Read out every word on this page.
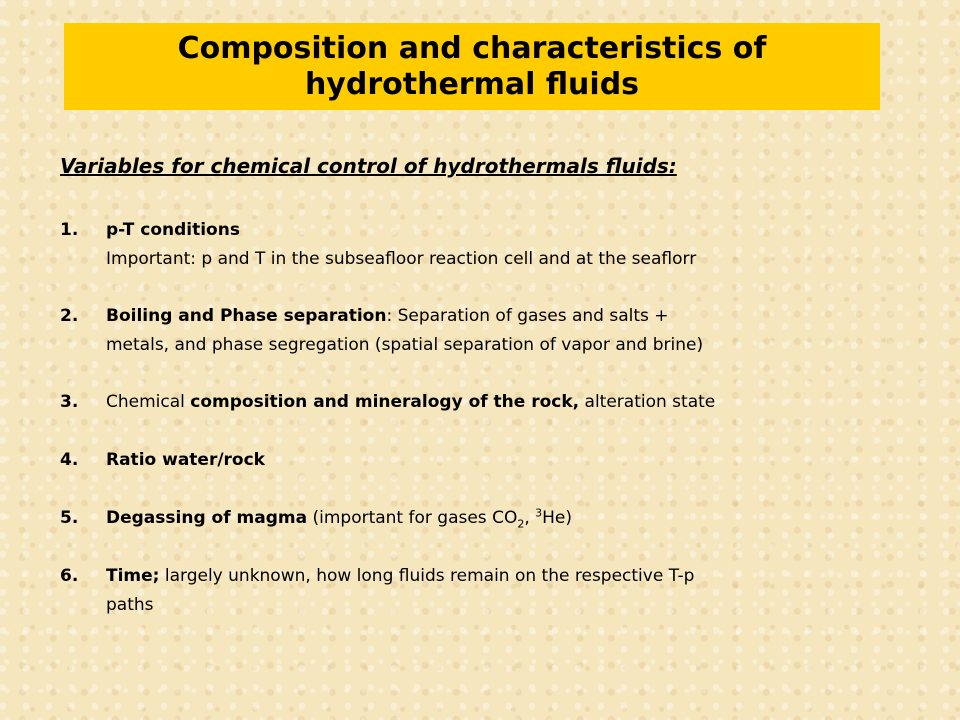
Composition and characteristics of
hydrothermal fluids
Variables for chemical control of hydrothermals fluids:
1. p-T conditions
Important: p and T in the subseafloor reaction cell and at the seaflorr
2. Boiling and Phase separation: Separation of gases and salts +
metals, and phase segregation (spatial separation of vapor and brine)
3. Chemical composition and mineralogy of the rock, alteration state
4. Ratio water/rock
5. Degassing of magma (important for gases $CO_2$, $^3$He)
6. Time; largely unknown, how long fluids remain on the respective T-p
paths
